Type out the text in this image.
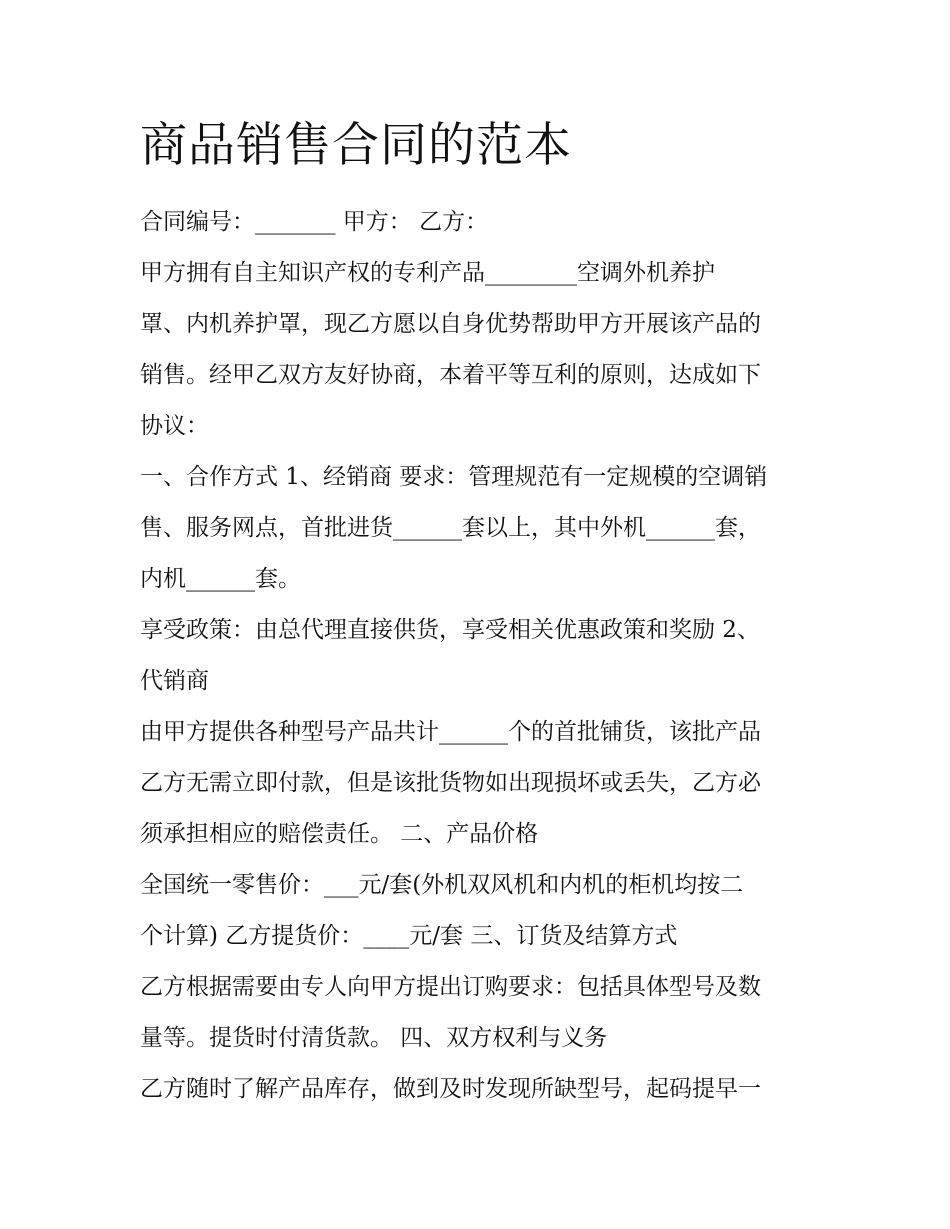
商品销售合同的范本

合同编号：_______ 甲方： 乙方：

甲方拥有自主知识产权的专利产品________空调外机养护

罩、内机养护罩，现乙方愿以自身优势帮助甲方开展该产品的

销售。经甲乙双方友好协商，本着平等互利的原则，达成如下

协议：

一、合作方式 1、经销商 要求：管理规范有一定规模的空调销

售、服务网点，首批进货______套以上，其中外机______套，

内机______套。

享受政策：由总代理直接供货，享受相关优惠政策和奖励 2、

代销商

由甲方提供各种型号产品共计______个的首批铺货，该批产品

乙方无需立即付款，但是该批货物如出现损坏或丢失，乙方必

须承担相应的赔偿责任。 二、产品价格

全国统一零售价：___元/套(外机双风机和内机的柜机均按二

个计算) 乙方提货价：____元/套 三、订货及结算方式

乙方根据需要由专人向甲方提出订购要求：包括具体型号及数

量等。提货时付清货款。 四、双方权利与义务

乙方随时了解产品库存，做到及时发现所缺型号，起码提早一
